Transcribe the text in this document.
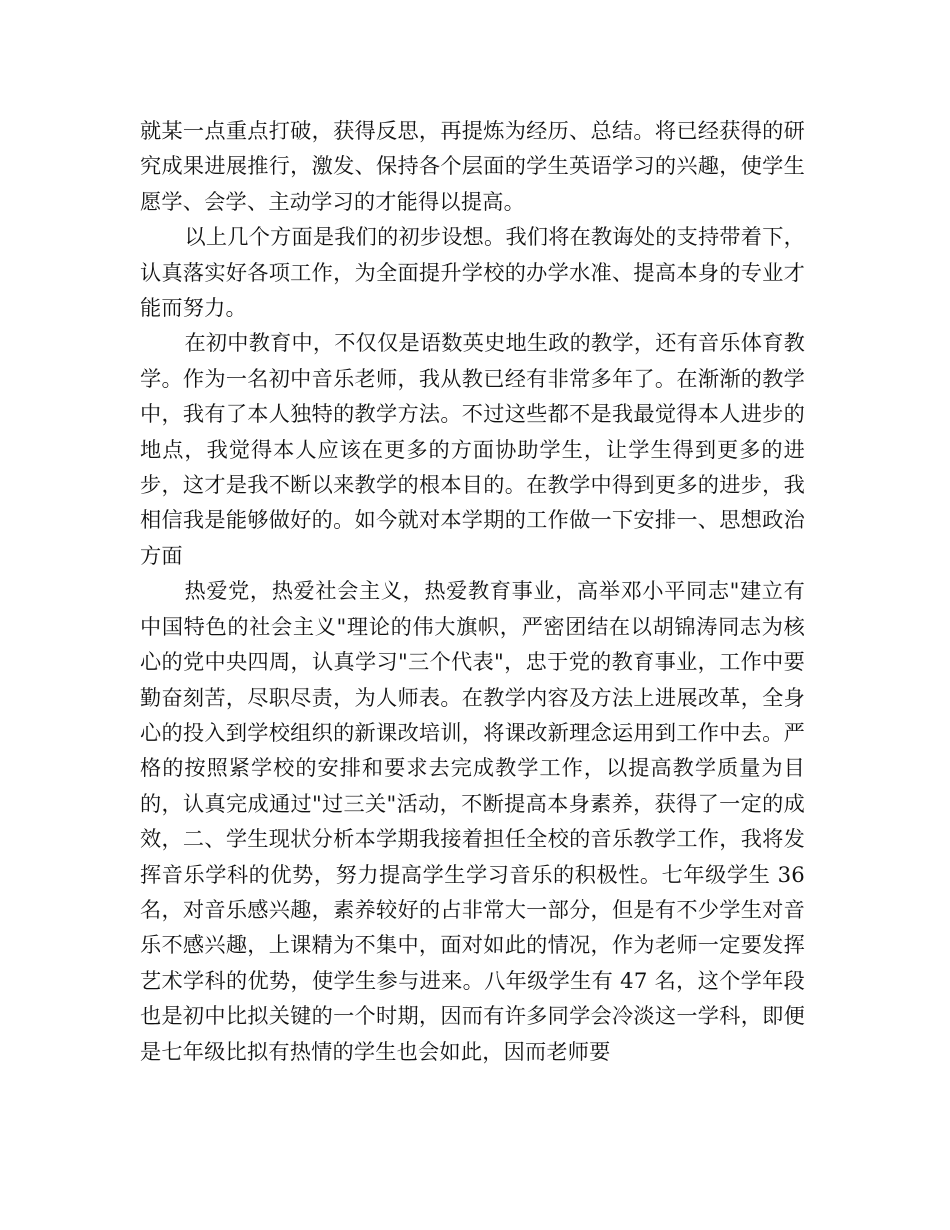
就某一点重点打破，获得反思，再提炼为经历、总结。将已经获得的研究成果进展推行，激发、保持各个层面的学生英语学习的兴趣，使学生愿学、会学、主动学习的才能得以提高。

以上几个方面是我们的初步设想。我们将在教诲处的支持带着下，认真落实好各项工作，为全面提升学校的办学水准、提高本身的专业才能而努力。

在初中教育中，不仅仅是语数英史地生政的教学，还有音乐体育教学。作为一名初中音乐老师，我从教已经有非常多年了。在渐渐的教学中，我有了本人独特的教学方法。不过这些都不是我最觉得本人进步的地点，我觉得本人应该在更多的方面协助学生，让学生得到更多的进步，这才是我不断以来教学的根本目的。在教学中得到更多的进步，我相信我是能够做好的。如今就对本学期的工作做一下安排一、思想政治方面

热爱党，热爱社会主义，热爱教育事业，高举邓小平同志"建立有中国特色的社会主义"理论的伟大旗帜，严密团结在以胡锦涛同志为核心的党中央四周，认真学习"三个代表"，忠于党的教育事业，工作中要勤奋刻苦，尽职尽责，为人师表。在教学内容及方法上进展改革，全身心的投入到学校组织的新课改培训，将课改新理念运用到工作中去。严格的按照紧学校的安排和要求去完成教学工作，以提高教学质量为目的，认真完成通过"过三关"活动，不断提高本身素养，获得了一定的成效，二、学生现状分析本学期我接着担任全校的音乐教学工作，我将发挥音乐学科的优势，努力提高学生学习音乐的积极性。七年级学生 36 名，对音乐感兴趣，素养较好的占非常大一部分，但是有不少学生对音乐不感兴趣，上课精为不集中，面对如此的情况，作为老师一定要发挥艺术学科的优势，使学生参与进来。八年级学生有 47 名，这个学年段也是初中比拟关键的一个时期，因而有许多同学会冷淡这一学科，即便是七年级比拟有热情的学生也会如此，因而老师要
